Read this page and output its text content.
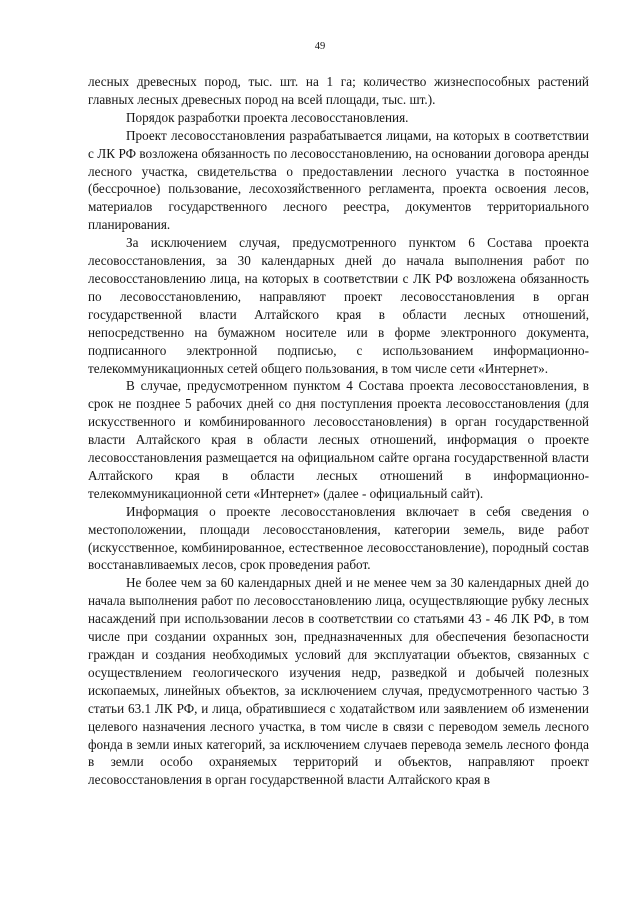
49

лесных древесных пород, тыс. шт. на 1 га; количество жизнеспособных растений главных лесных древесных пород на всей площади, тыс. шт.).

Порядок разработки проекта лесовосстановления.

Проект лесовосстановления разрабатывается лицами, на которых в соответствии с ЛК РФ возложена обязанность по лесовосстановлению, на основании договора аренды лесного участка, свидетельства о предоставлении лесного участка в постоянное (бессрочное) пользование, лесохозяйственного регламента, проекта освоения лесов, материалов государственного лесного реестра, документов территориального планирования.

За исключением случая, предусмотренного пунктом 6 Состава проекта лесовосстановления, за 30 календарных дней до начала выполнения работ по лесовосстановлению лица, на которых в соответствии с ЛК РФ возложена обязанность по лесовосстановлению, направляют проект лесовосстановления в орган государственной власти Алтайского края в области лесных отношений, непосредственно на бумажном носителе или в форме электронного документа, подписанного электронной подписью, с использованием информационно-телекоммуникационных сетей общего пользования, в том числе сети «Интернет».

В случае, предусмотренном пунктом 4 Состава проекта лесовосстановления, в срок не позднее 5 рабочих дней со дня поступления проекта лесовосстановления (для искусственного и комбинированного лесовосстановления) в орган государственной власти Алтайского края в области лесных отношений, информация о проекте лесовосстановления размещается на официальном сайте органа государственной власти Алтайского края в области лесных отношений в информационно-телекоммуникационной сети «Интернет» (далее - официальный сайт).

Информация о проекте лесовосстановления включает в себя сведения о местоположении, площади лесовосстановления, категории земель, виде работ (искусственное, комбинированное, естественное лесовосстановление), породный состав восстанавливаемых лесов, срок проведения работ.

Не более чем за 60 календарных дней и не менее чем за 30 календарных дней до начала выполнения работ по лесовосстановлению лица, осуществляющие рубку лесных насаждений при использовании лесов в соответствии со статьями 43 - 46 ЛК РФ, в том числе при создании охранных зон, предназначенных для обеспечения безопасности граждан и создания необходимых условий для эксплуатации объектов, связанных с осуществлением геологического изучения недр, разведкой и добычей полезных ископаемых, линейных объектов, за исключением случая, предусмотренного частью 3 статьи 63.1 ЛК РФ, и лица, обратившиеся с ходатайством или заявлением об изменении целевого назначения лесного участка, в том числе в связи с переводом земель лесного фонда в земли иных категорий, за исключением случаев перевода земель лесного фонда в земли особо охраняемых территорий и объектов, направляют проект лесовосстановления в орган государственной власти Алтайского края в
